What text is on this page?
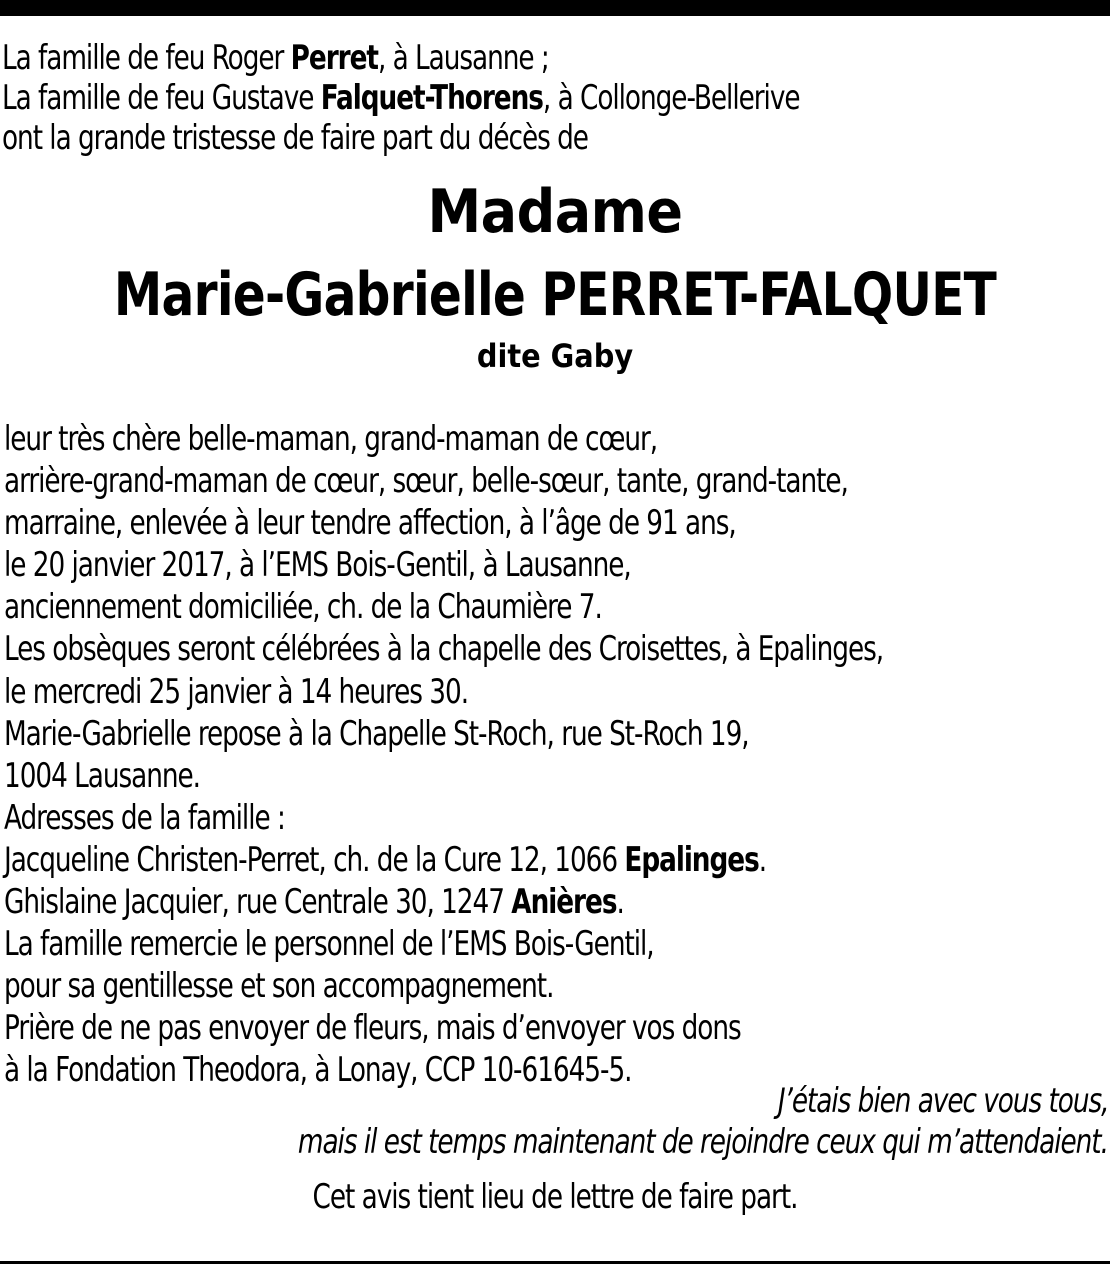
La famille de feu Roger Perret, à Lausanne ;
La famille de feu Gustave Falquet-Thorens, à Collonge-Bellerive
ont la grande tristesse de faire part du décès de
Madame
Marie-Gabrielle PERRET-FALQUET
dite Gaby
leur très chère belle-maman, grand-maman de cœur,
arrière-grand-maman de cœur, sœur, belle-sœur, tante, grand-tante,
marraine, enlevée à leur tendre affection, à l’âge de 91 ans,
le 20 janvier 2017, à l’EMS Bois-Gentil, à Lausanne,
anciennement domiciliée, ch. de la Chaumière 7.
Les obsèques seront célébrées à la chapelle des Croisettes, à Epalinges,
le mercredi 25 janvier à 14 heures 30.
Marie-Gabrielle repose à la Chapelle St-Roch, rue St-Roch 19,
1004 Lausanne.
Adresses de la famille :
Jacqueline Christen-Perret, ch. de la Cure 12, 1066 Epalinges.
Ghislaine Jacquier, rue Centrale 30, 1247 Anières.
La famille remercie le personnel de l’EMS Bois-Gentil,
pour sa gentillesse et son accompagnement.
Prière de ne pas envoyer de fleurs, mais d’envoyer vos dons
à la Fondation Theodora, à Lonay, CCP 10-61645-5.
J’étais bien avec vous tous,
mais il est temps maintenant de rejoindre ceux qui m’attendaient.
Cet avis tient lieu de lettre de faire part.
